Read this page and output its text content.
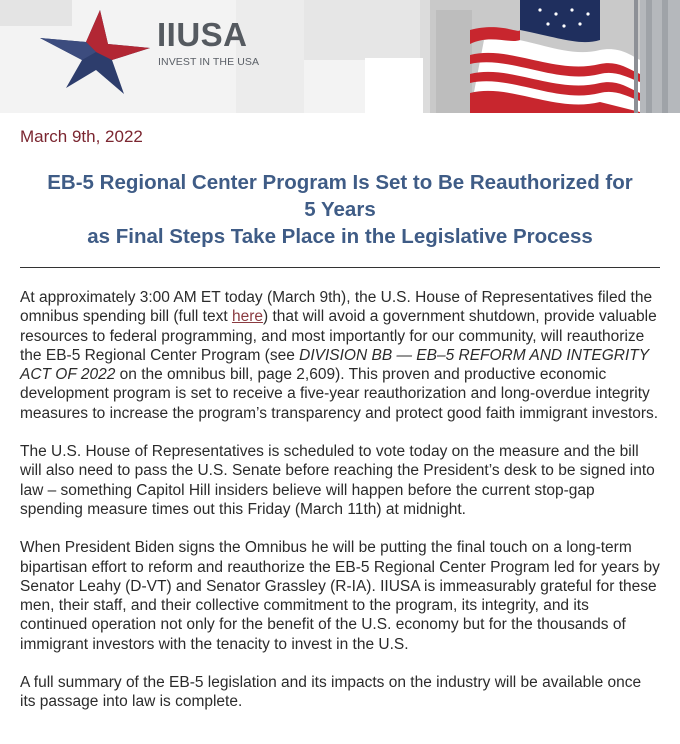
IIUSA
INVEST IN THE USA
March 9th, 2022
EB-5 Regional Center Program Is Set to Be Reauthorized for
5 Years
as Final Steps Take Place in the Legislative Process

At approximately 3:00 AM ET today (March 9th), the U.S. House of Representatives filed the omnibus spending bill (full text here) that will avoid a government shutdown, provide valuable resources to federal programming, and most importantly for our community, will reauthorize the EB-5 Regional Center Program (see DIVISION BB — EB–5 REFORM AND INTEGRITY ACT OF 2022 on the omnibus bill, page 2,609). This proven and productive economic development program is set to receive a five-year reauthorization and long-overdue integrity measures to increase the program’s transparency and protect good faith immigrant investors.

The U.S. House of Representatives is scheduled to vote today on the measure and the bill will also need to pass the U.S. Senate before reaching the President’s desk to be signed into law – something Capitol Hill insiders believe will happen before the current stop-gap spending measure times out this Friday (March 11th) at midnight.

When President Biden signs the Omnibus he will be putting the final touch on a long-term bipartisan effort to reform and reauthorize the EB-5 Regional Center Program led for years by Senator Leahy (D-VT) and Senator Grassley (R-IA). IIUSA is immeasurably grateful for these men, their staff, and their collective commitment to the program, its integrity, and its continued operation not only for the benefit of the U.S. economy but for the thousands of immigrant investors with the tenacity to invest in the U.S.

A full summary of the EB-5 legislation and its impacts on the industry will be available once its passage into law is complete.
